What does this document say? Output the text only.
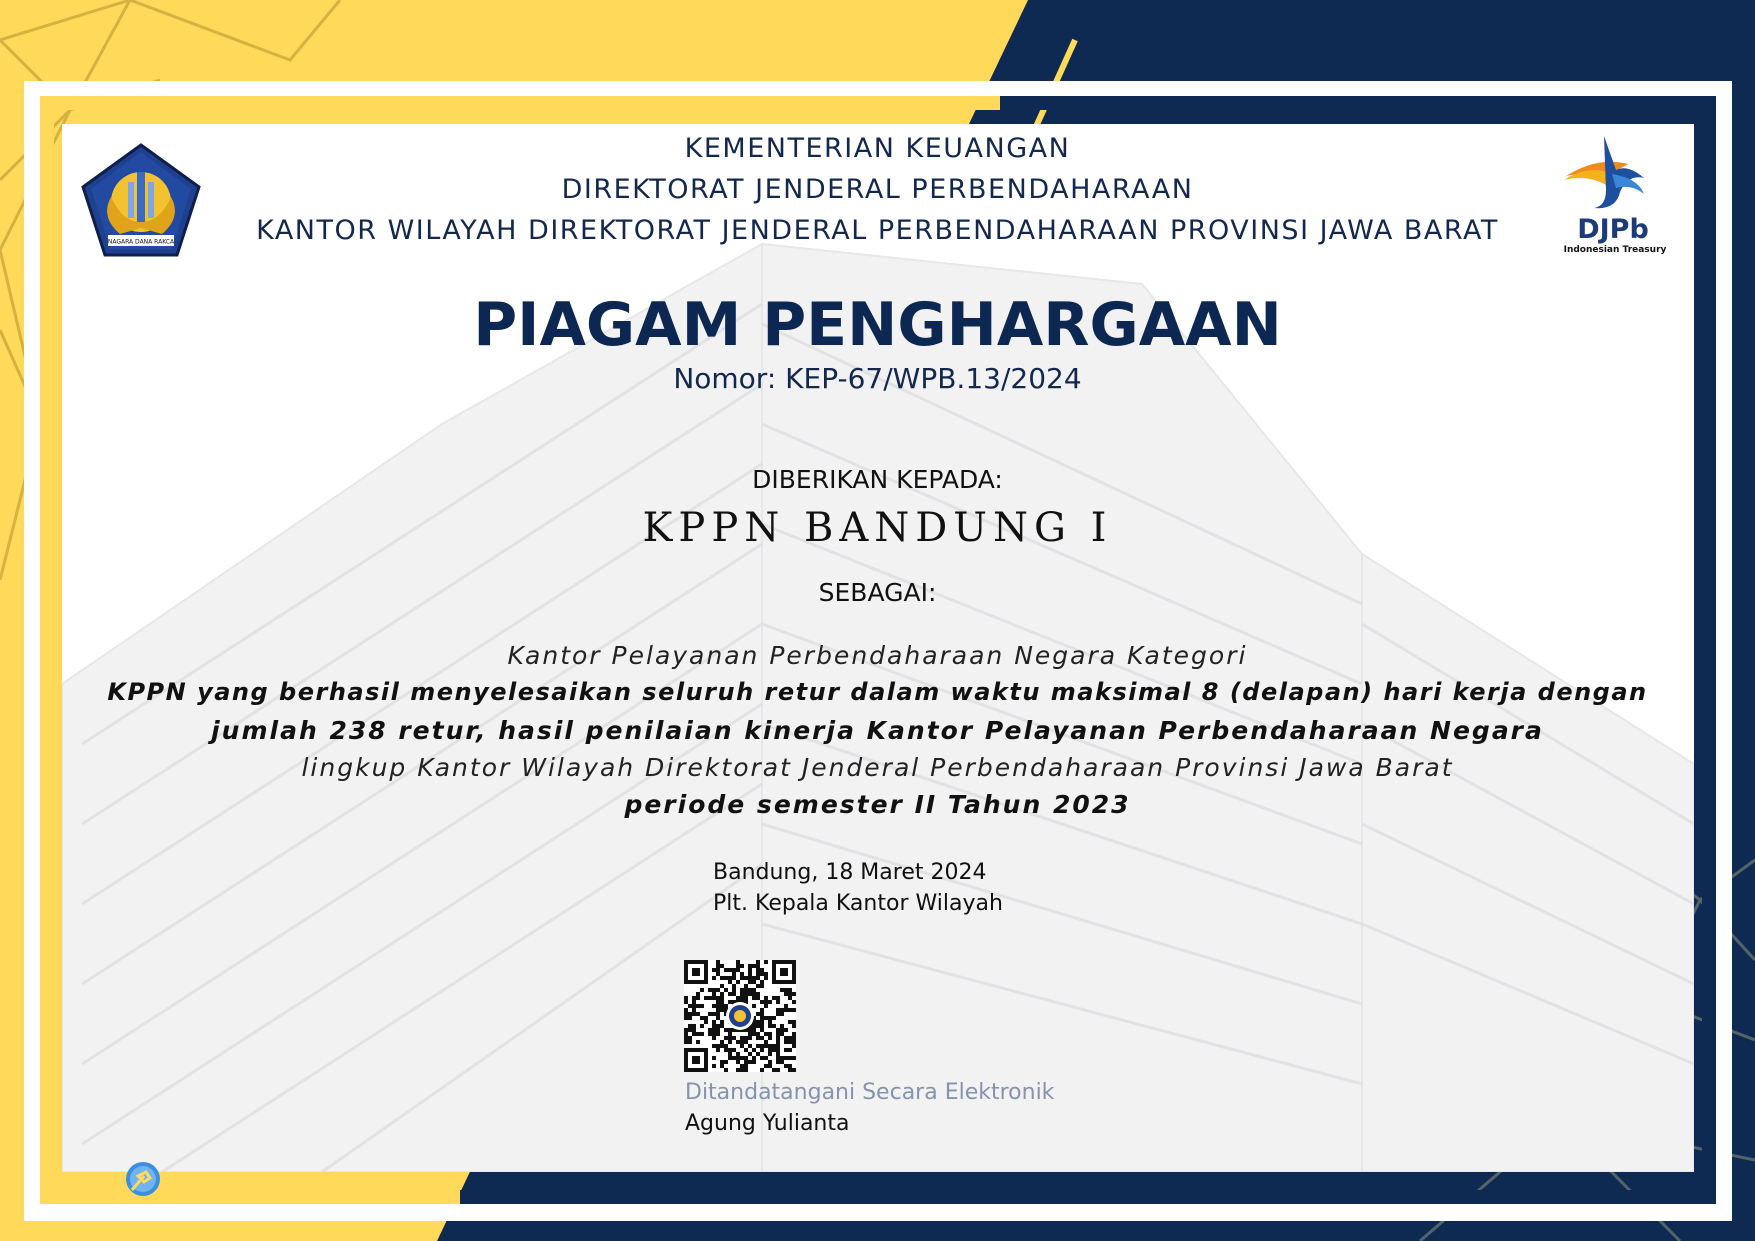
NAGARA DANA RAKCA	DJPb
Indonesian Treasury
KEMENTERIAN KEUANGAN
DIREKTORAT JENDERAL PERBENDAHARAAN
KANTOR WILAYAH DIREKTORAT JENDERAL PERBENDAHARAAN PROVINSI JAWA BARAT
PIAGAM PENGHARGAAN
Nomor: KEP-67/WPB.13/2024
DIBERIKAN KEPADA:
KPPN BANDUNG I
SEBAGAI:
Kantor Pelayanan Perbendaharaan Negara Kategori
KPPN yang berhasil menyelesaikan seluruh retur dalam waktu maksimal 8 (delapan) hari kerja dengan
jumlah 238 retur, hasil penilaian kinerja Kantor Pelayanan Perbendaharaan Negara
lingkup Kantor Wilayah Direktorat Jenderal Perbendaharaan Provinsi Jawa Barat
periode semester II Tahun 2023
Bandung, 18 Maret 2024
Plt. Kepala Kantor Wilayah
Ditandatangani Secara Elektronik
Agung Yulianta
